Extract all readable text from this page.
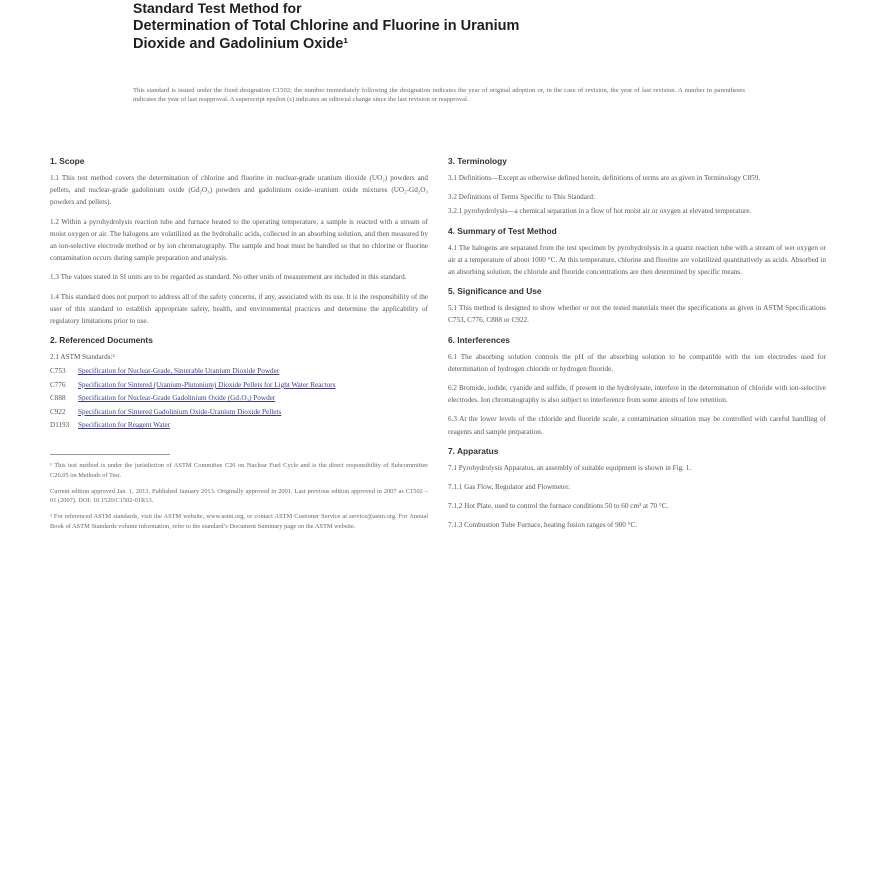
Standard Test Method for
Determination of Total Chlorine and Fluorine in Uranium
Dioxide and Gadolinium Oxide¹
This standard is issued under the fixed designation C1502; the number immediately following the designation indicates the year of original adoption or, in the case of revision, the year of last revision. A number in parentheses indicates the year of last reapproval. A superscript epsilon (ε) indicates an editorial change since the last revision or reapproval.
1. Scope

1.1 This test method covers the determination of chlorine and fluorine in nuclear-grade uranium dioxide (UO₂) powders and pellets, and nuclear-grade gadolinium oxide (Gd₂O₃) powders and gadolinium oxide–uranium oxide mixtures (UO₂-Gd₂O₃ powders and pellets).

1.2 Within a pyrohydrolysis reaction tube and furnace heated to the operating temperature, a sample is reacted with a stream of moist oxygen or air. The halogens are volatilized as the hydrohalic acids, collected in an absorbing solution, and then measured by an ion-selective electrode method or by ion chromatography. The sample and boat must be handled so that no chlorine or fluorine contamination occurs during sample preparation and analysis.

1.3 The values stated in SI units are to be regarded as standard. No other units of measurement are included in this standard.

1.4 This standard does not purport to address all of the safety concerns, if any, associated with its use. It is the responsibility of the user of this standard to establish appropriate safety, health, and environmental practices and determine the applicability of regulatory limitations prior to use.

2. Referenced Documents

2.1 ASTM Standards:²

C753	Specification for Nuclear-Grade, Sinterable Uranium Dioxide Powder
C776	Specification for Sintered (Uranium-Plutonium) Dioxide Pellets for Light Water Reactors
C888	Specification for Nuclear-Grade Gadolinium Oxide (Gd₂O₃) Powder
C922	Specification for Sintered Gadolinium Oxide-Uranium Dioxide Pellets
D1193	Specification for Reagent Water

¹ This test method is under the jurisdiction of ASTM Committee C26 on Nuclear Fuel Cycle and is the direct responsibility of Subcommittee C26.05 on Methods of Test.

Current edition approved Jan. 1, 2013. Published January 2013. Originally approved in 2001. Last previous edition approved in 2007 as C1502 – 01 (2007). DOI: 10.1520/C1502-01R13.

² For referenced ASTM standards, visit the ASTM website, www.astm.org, or contact ASTM Customer Service at service@astm.org. For Annual Book of ASTM Standards volume information, refer to the standard’s Document Summary page on the ASTM website.

3. Terminology

3.1 Definitions—Except as otherwise defined herein, definitions of terms are as given in Terminology C859.

3.2 Definitions of Terms Specific to This Standard:

3.2.1 pyrohydrolysis—a chemical separation in a flow of hot moist air or oxygen at elevated temperature.

4. Summary of Test Method

4.1 The halogens are separated from the test specimen by pyrohydrolysis in a quartz reaction tube with a stream of wet oxygen or air at a temperature of about 1000 °C. At this temperature, chlorine and fluorine are volatilized quantitatively as acids. Absorbed in an absorbing solution, the chloride and fluoride concentrations are then determined by specific means.

5. Significance and Use

5.1 This method is designed to show whether or not the tested materials meet the specifications as given in ASTM Specifications C753, C776, C888 or C922.

6. Interferences

6.1 The absorbing solution controls the pH of the absorbing solution to be compatible with the ion electrodes used for determination of hydrogen chloride or hydrogen fluoride.

6.2 Bromide, iodide, cyanide and sulfide, if present in the hydrolysate, interfere in the determination of chloride with ion-selective electrodes. Ion chromatography is also subject to interference from some anions of low retention.

6.3 At the lower levels of the chloride and fluoride scale, a contamination situation may be controlled with careful handling of reagents and sample preparation.

7. Apparatus

7.1 Pyrohydrolysis Apparatus, an assembly of suitable equipment is shown in Fig. 1.

7.1.1 Gas Flow, Regulator and Flowmeter.

7.1.2 Hot Plate, used to control the furnace conditions 50 to 60 cm³ at 70 °C.

7.1.3 Combustion Tube Furnace, heating fusion ranges of 900 °C.
